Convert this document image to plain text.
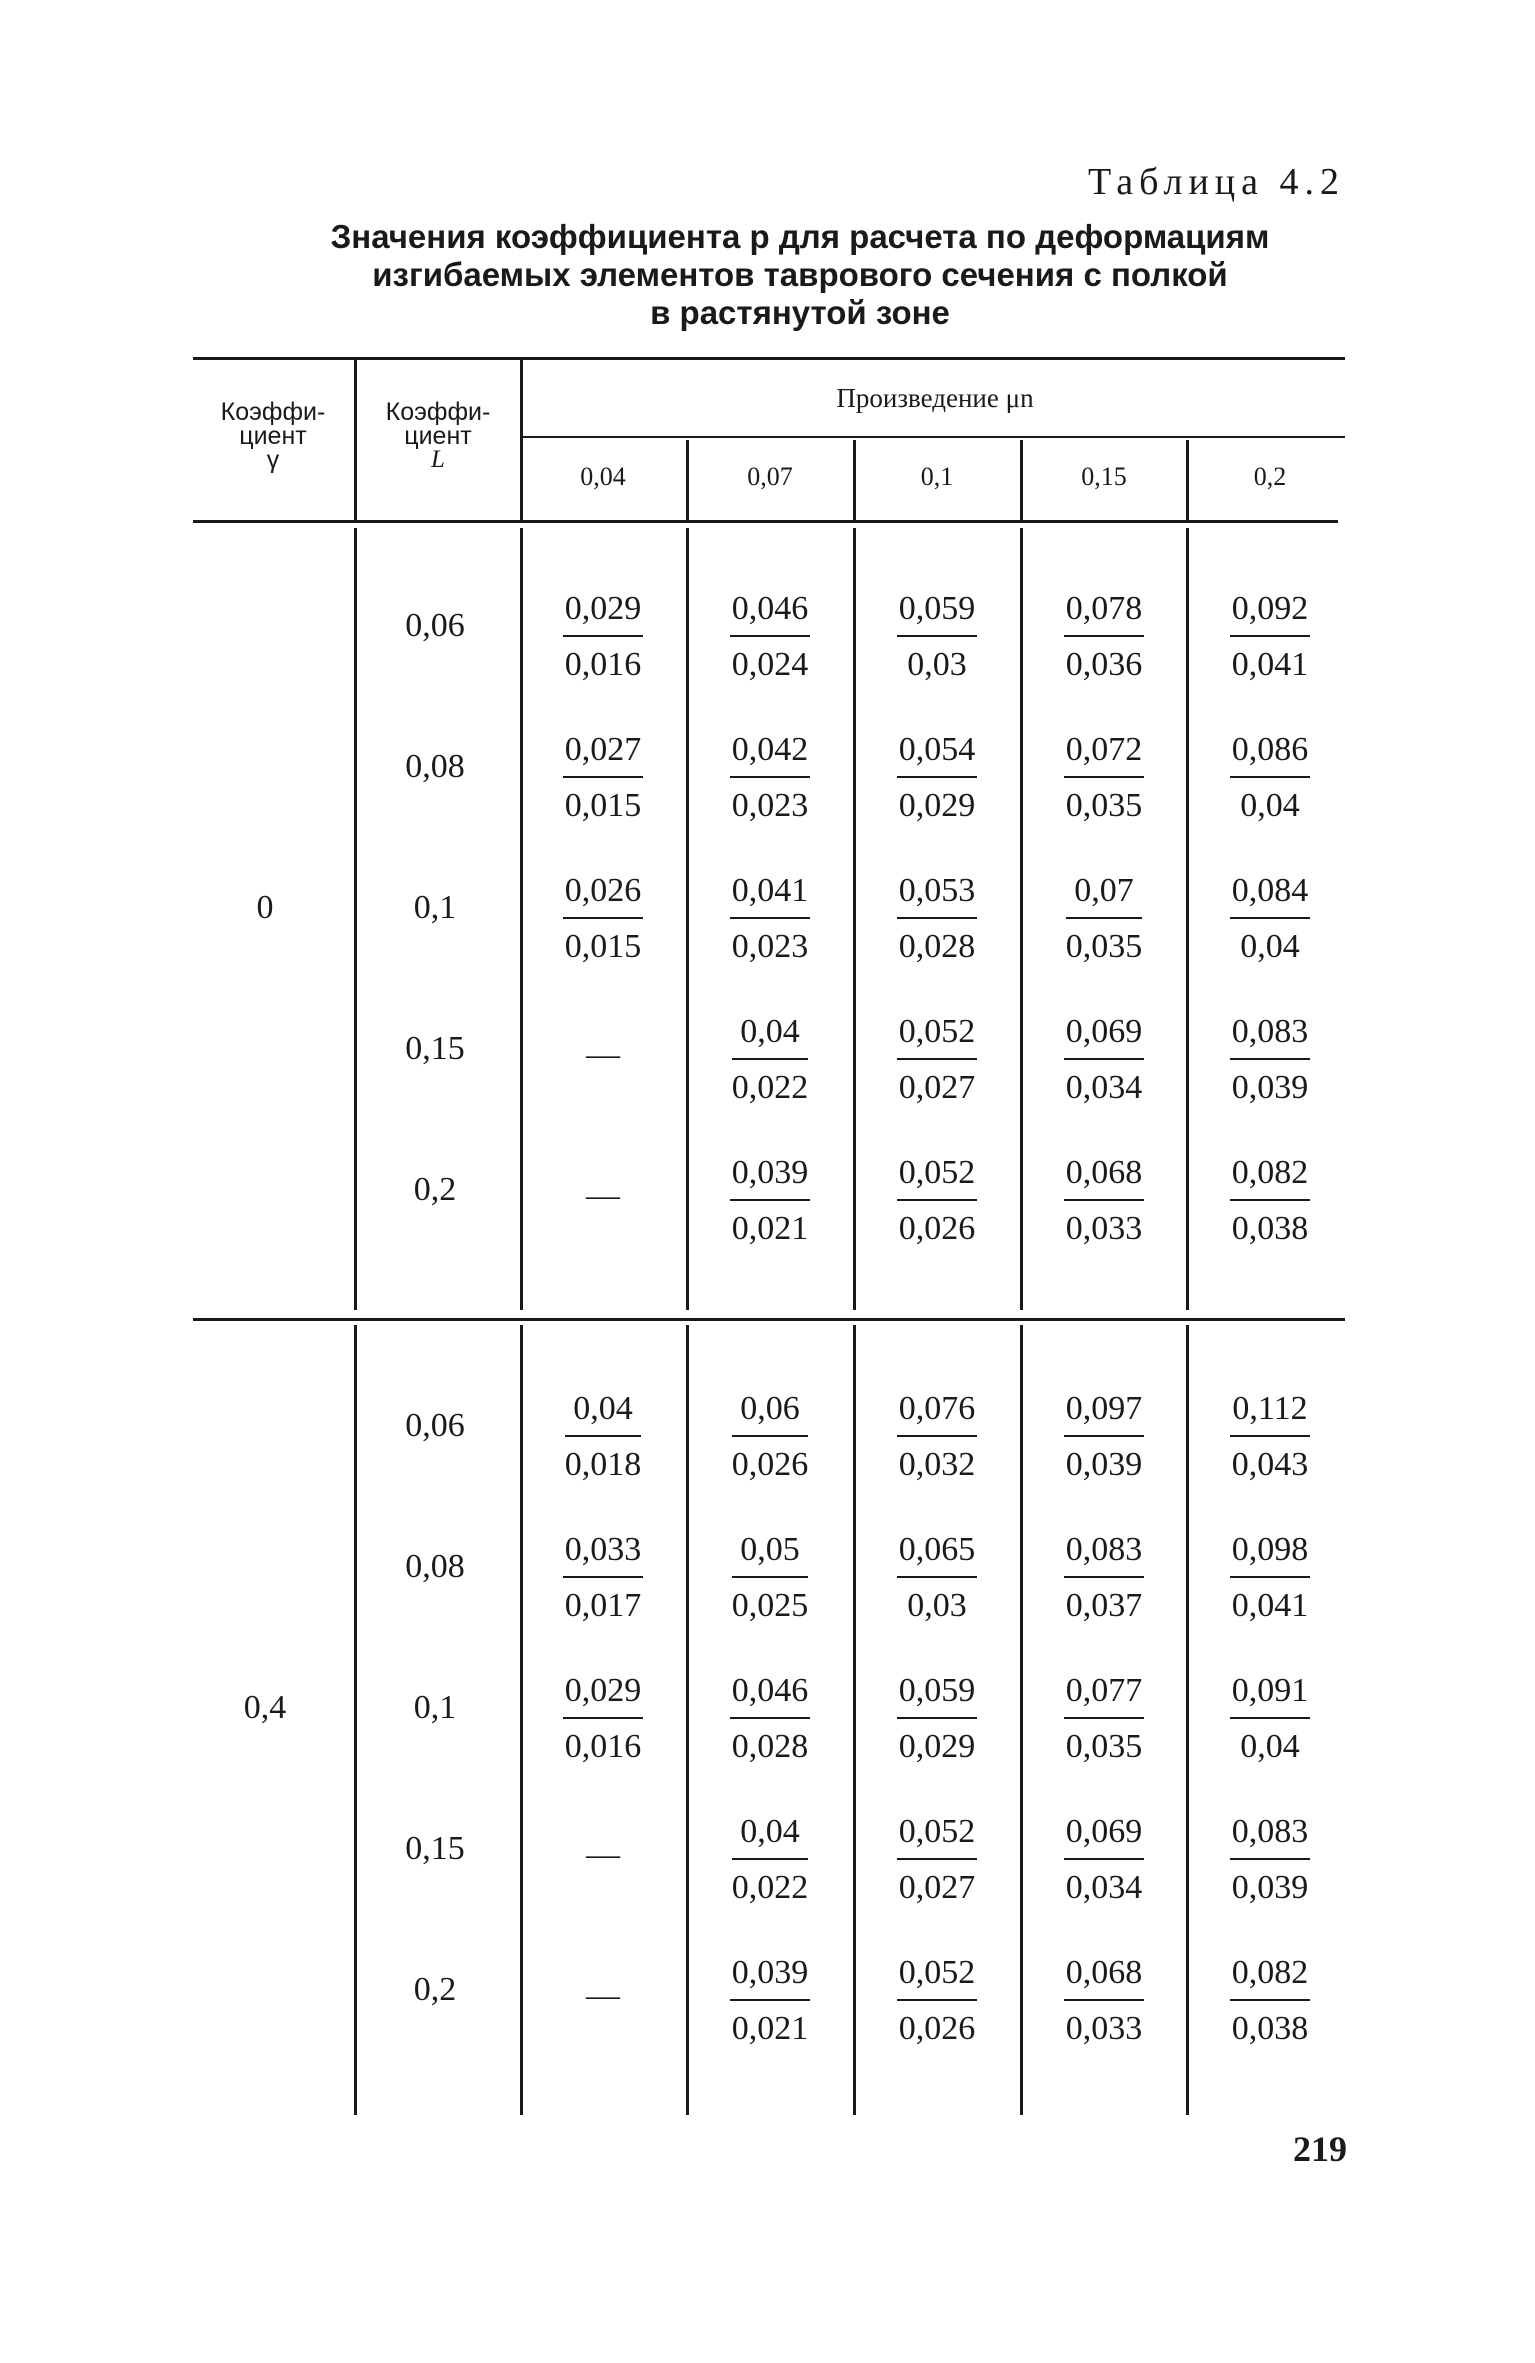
Таблица 4.2
Значения коэффициента р для расчета по деформациям
изгибаемых элементов таврового сечения с полкой
в растянутой зоне
Коэффи-
циент
γ
Коэффи-
циент
L
Произведение μn
0,04	0,07	0,1	0,15	0,2
0
0,06	$\frac{0,029}{0,016}$	$\frac{0,046}{0,024}$	$\frac{0,059}{0,03}$	$\frac{0,078}{0,036}$	$\frac{0,092}{0,041}$
0,08	$\frac{0,027}{0,015}$	$\frac{0,042}{0,023}$	$\frac{0,054}{0,029}$	$\frac{0,072}{0,035}$	$\frac{0,086}{0,04}$
0,1	$\frac{0,026}{0,015}$	$\frac{0,041}{0,023}$	$\frac{0,053}{0,028}$	$\frac{0,07}{0,035}$	$\frac{0,084}{0,04}$
0,15	—	$\frac{0,04}{0,022}$	$\frac{0,052}{0,027}$	$\frac{0,069}{0,034}$	$\frac{0,083}{0,039}$
0,2	—	$\frac{0,039}{0,021}$	$\frac{0,052}{0,026}$	$\frac{0,068}{0,033}$	$\frac{0,082}{0,038}$
0,4
0,06	$\frac{0,04}{0,018}$	$\frac{0,06}{0,026}$	$\frac{0,076}{0,032}$	$\frac{0,097}{0,039}$	$\frac{0,112}{0,043}$
0,08	$\frac{0,033}{0,017}$	$\frac{0,05}{0,025}$	$\frac{0,065}{0,03}$	$\frac{0,083}{0,037}$	$\frac{0,098}{0,041}$
0,1	$\frac{0,029}{0,016}$	$\frac{0,046}{0,028}$	$\frac{0,059}{0,029}$	$\frac{0,077}{0,035}$	$\frac{0,091}{0,04}$
0,15	—	$\frac{0,04}{0,022}$	$\frac{0,052}{0,027}$	$\frac{0,069}{0,034}$	$\frac{0,083}{0,039}$
0,2	—	$\frac{0,039}{0,021}$	$\frac{0,052}{0,026}$	$\frac{0,068}{0,033}$	$\frac{0,082}{0,038}$
219
